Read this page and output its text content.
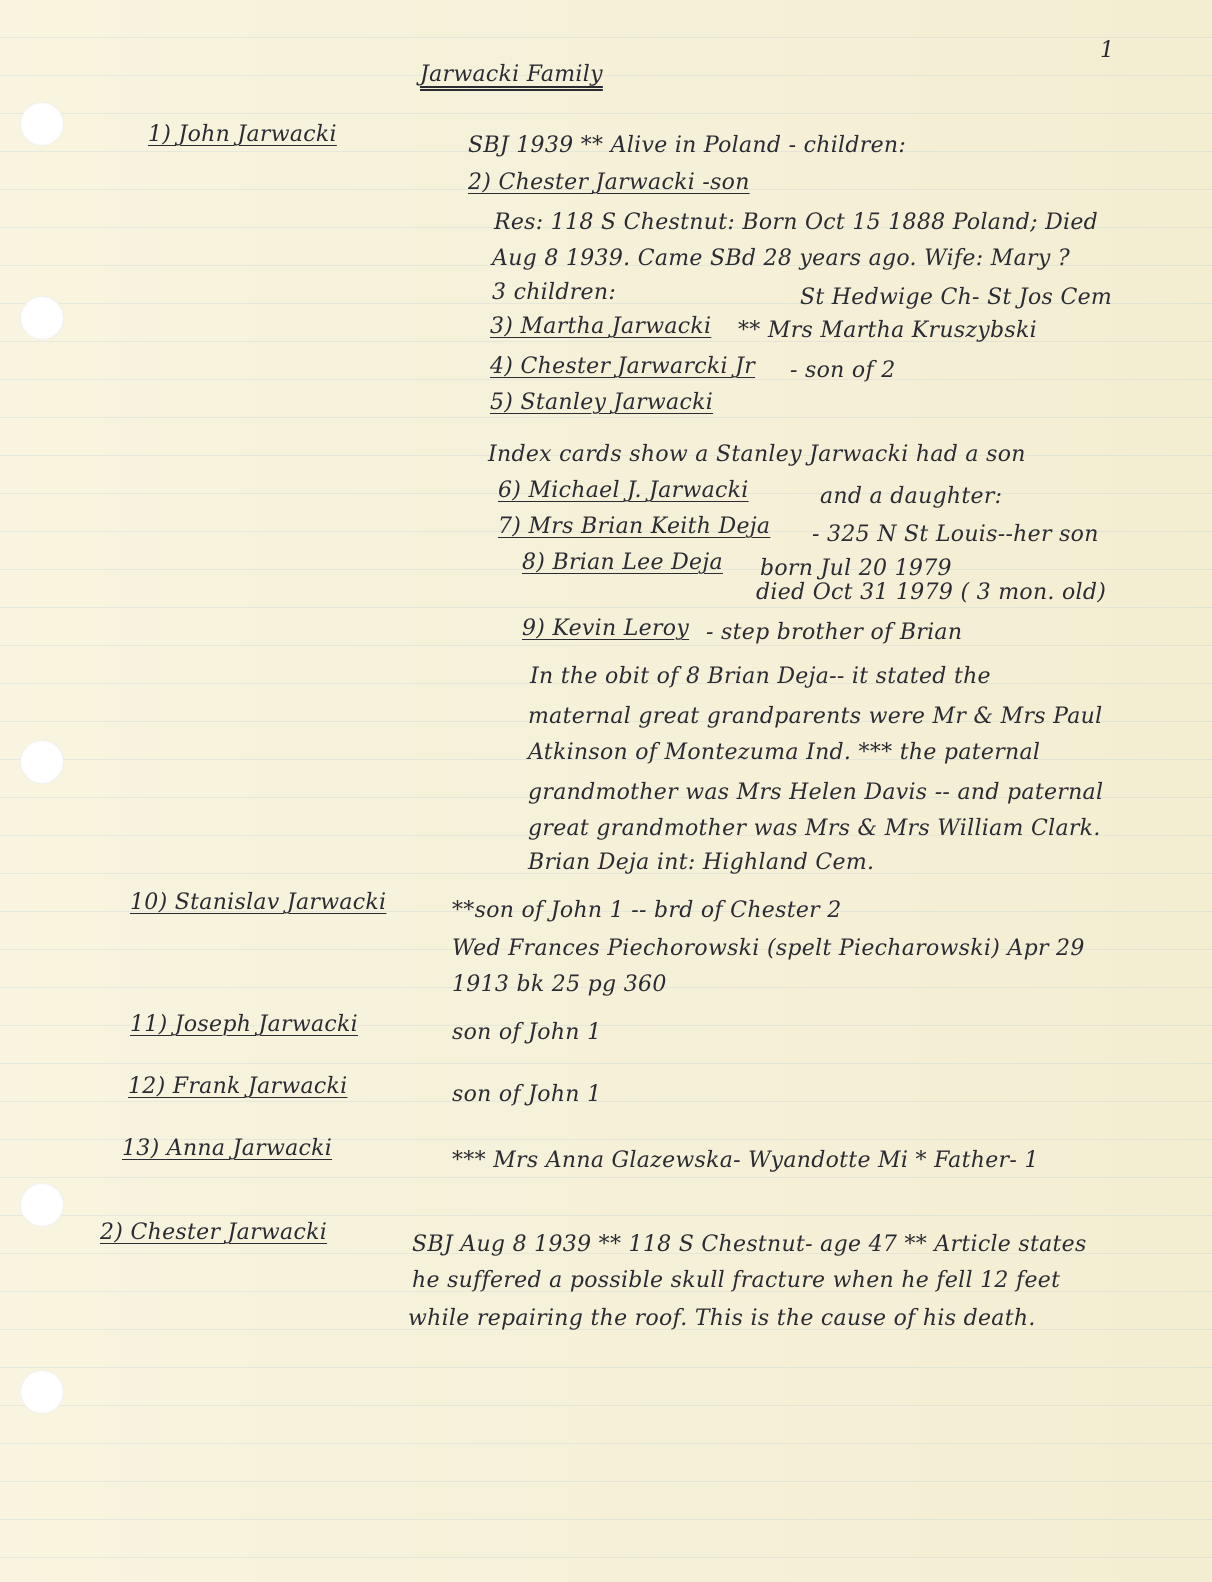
1
Jarwacki Family
1) John Jarwacki	SBJ 1939 ** Alive in Poland - children:
2) Chester Jarwacki -son
Res: 118 S Chestnut: Born Oct 15 1888 Poland; Died
Aug 8 1939. Came SBd 28 years ago. Wife: Mary ?
3 children:	St Hedwige Ch- St Jos Cem
3) Martha Jarwacki ** Mrs Martha Kruszybski
4) Chester Jarwarcki Jr - son of 2
5) Stanley Jarwacki
Index cards show a Stanley Jarwacki had a son
6) Michael J. Jarwacki	and a daughter:
7) Mrs Brian Keith Deja - 325 N St Louis--her son
8) Brian Lee Deja born Jul 20 1979
died Oct 31 1979 ( 3 mon. old)
9) Kevin Leroy - step brother of Brian
In the obit of 8 Brian Deja-- it stated the
maternal great grandparents were Mr & Mrs Paul
Atkinson of Montezuma Ind. *** the paternal
grandmother was Mrs Helen Davis -- and paternal
great grandmother was Mrs & Mrs William Clark.
Brian Deja int: Highland Cem.
10) Stanislav Jarwacki	**son of John 1 -- brd of Chester 2
Wed Frances Piechorowski (spelt Piecharowski) Apr 29
1913 bk 25 pg 360
11) Joseph Jarwacki	son of John 1
12) Frank Jarwacki	son of John 1
13) Anna Jarwacki	*** Mrs Anna Glazewska- Wyandotte Mi * Father- 1
2) Chester Jarwacki	SBJ Aug 8 1939 ** 118 S Chestnut- age 47 ** Article states
he suffered a possible skull fracture when he fell 12 feet
while repairing the roof. This is the cause of his death.
